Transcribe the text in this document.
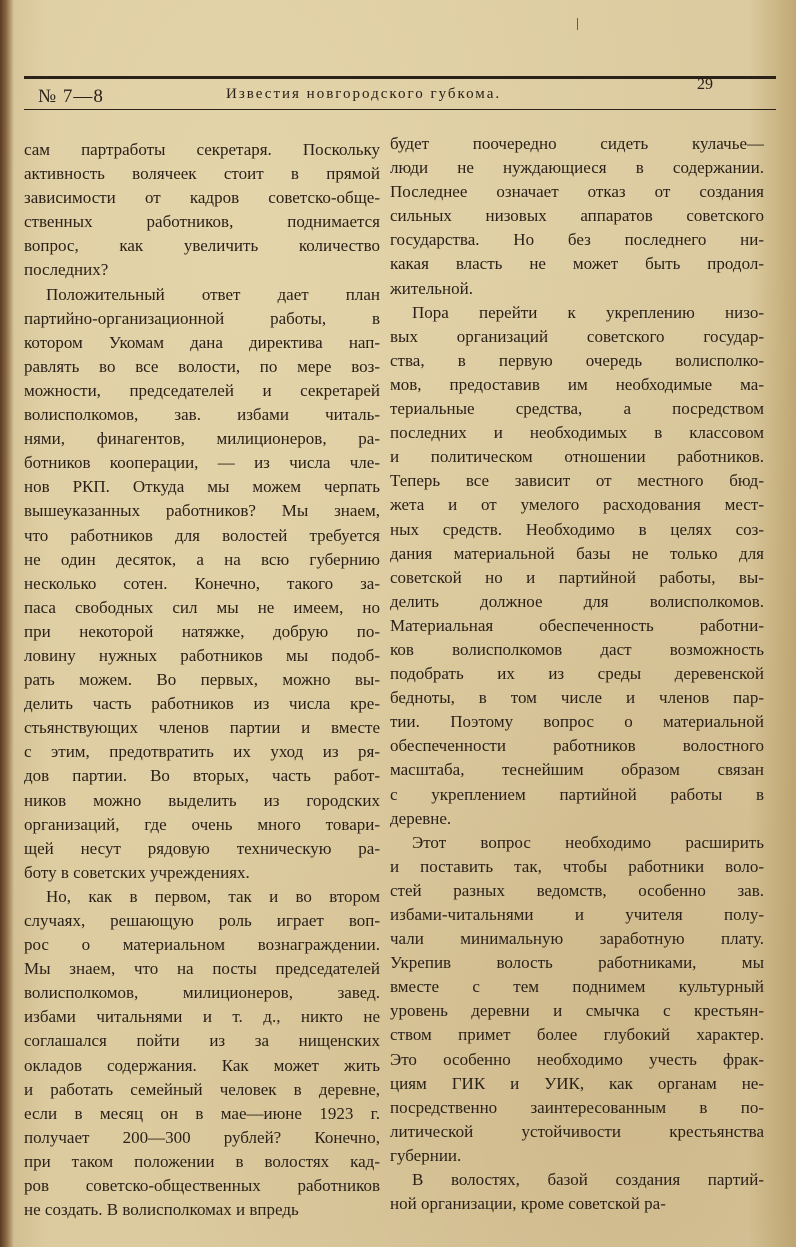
№ 7—8	Известия новгородского губкома.
29
сам партработы секретаря. Поскольку
активность волячеек стоит в прямой
зависимости от кадров советско-обще-
ственных работников, поднимается
вопрос, как увеличить количество
последних?
Положительный ответ дает план
партийно-организационной работы, в
котором Укомам дана директива нап-
равлять во все волости, по мере воз-
можности, председателей и секретарей
волисполкомов, зав. избами читаль-
нями, финагентов, милиционеров, ра-
ботников кооперации, — из числа чле-
нов РКП. Откуда мы можем черпать
вышеуказанных работников? Мы знаем,
что работников для волостей требуется
не один десяток, а на всю губернию
несколько сотен. Конечно, такого за-
паса свободных сил мы не имеем, но
при некоторой натяжке, добрую по-
ловину нужных работников мы подоб-
рать можем. Во первых, можно вы-
делить часть работников из числа кре-
стьянствующих членов партии и вместе
с этим, предотвратить их уход из ря-
дов партии. Во вторых, часть работ-
ников можно выделить из городских
организаций, где очень много товари-
щей несут рядовую техническую ра-
боту в советских учреждениях.
Но, как в первом, так и во втором
случаях, решающую роль играет воп-
рос о материальном вознаграждении.
Мы знаем, что на посты председателей
волисполкомов, милиционеров, завед.
избами читальнями и т. д., никто не
соглашался пойти из за нищенских
окладов содержания. Как может жить
и работать семейный человек в деревне,
если в месяц он в мае—июне 1923 г.
получает 200—300 рублей? Конечно,
при таком положении в волостях кад-
ров советско-общественных работников
не создать. В волисполкомах и впредь
будет поочередно сидеть кулачье—
люди не нуждающиеся в содержании.
Последнее означает отказ от создания
сильных низовых аппаратов советского
государства. Но без последнего ни-
какая власть не может быть продол-
жительной.
Пора перейти к укреплению низо-
вых организаций советского государ-
ства, в первую очередь волисполко-
мов, предоставив им необходимые ма-
териальные средства, а посредством
последних и необходимых в классовом
и политическом отношении работников.
Теперь все зависит от местного бюд-
жета и от умелого расходования мест-
ных средств. Необходимо в целях соз-
дания материальной базы не только для
советской но и партийной работы, вы-
делить должное для волисполкомов.
Материальная обеспеченность работни-
ков волисполкомов даст возможность
подобрать их из среды деревенской
бедноты, в том числе и членов пар-
тии. Поэтому вопрос о материальной
обеспеченности работников волостного
масштаба, теснейшим образом связан
с укреплением партийной работы в
деревне.
Этот вопрос необходимо расширить
и поставить так, чтобы работники воло-
стей разных ведомств, особенно зав.
избами-читальнями и учителя полу-
чали минимальную заработную плату.
Укрепив волость работниками, мы
вместе с тем поднимем культурный
уровень деревни и смычка с крестьян-
ством примет более глубокий характер.
Это особенно необходимо учесть фрак-
циям ГИК и УИК, как органам не-
посредственно заинтересованным в по-
литической устойчивости крестьянства
губернии.
В волостях, базой создания партий-
ной организации, кроме советской ра-
